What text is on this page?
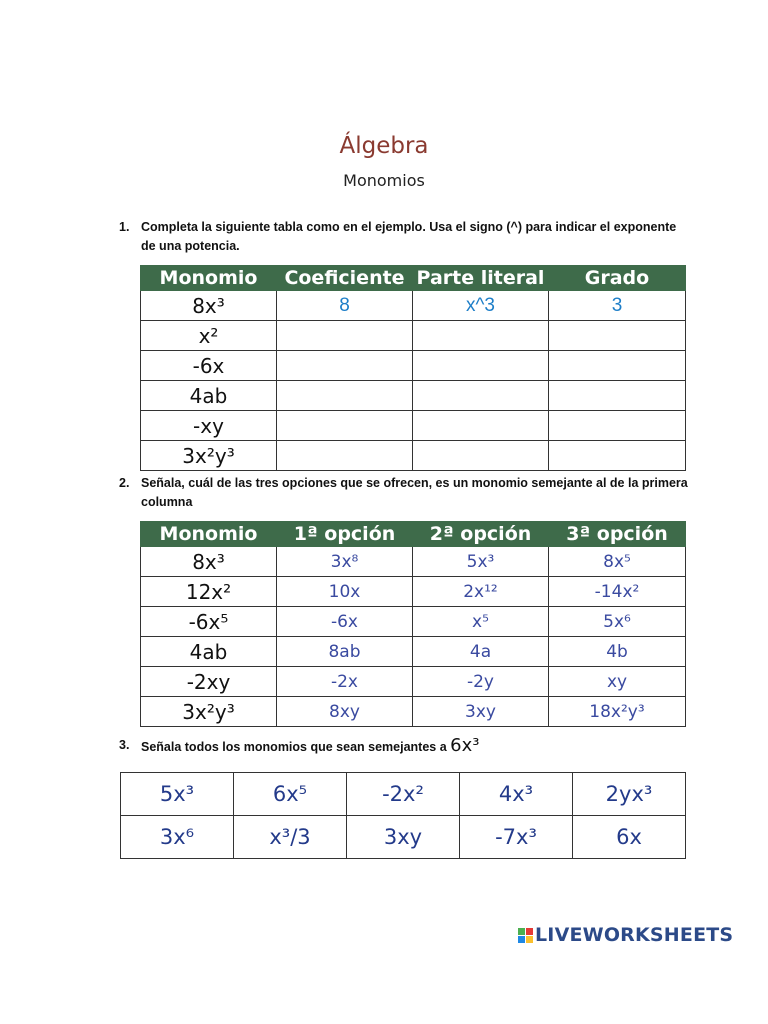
Álgebra
Monomios
1. Completa la siguiente tabla como en el ejemplo. Usa el signo (^) para indicar el exponente de una potencia.
Monomio	Coeficiente	Parte literal	Grado
8x³	8	x^3	3
x²			
-6x			
4ab			
-xy			
3x²y³			
2. Señala, cuál de las tres opciones que se ofrecen, es un monomio semejante al de la primera columna
Monomio	1ª opción	2ª opción	3ª opción
8x³	3x⁸	5x³	8x⁵
12x²	10x	2x¹²	-14x²
-6x⁵	-6x	x⁵	5x⁶
4ab	8ab	4a	4b
-2xy	-2x	-2y	xy
3x²y³	8xy	3xy	18x²y³
3. Señala todos los monomios que sean semejantes a 6x³
5x³	6x⁵	-2x²	4x³	2yx³
3x⁶	x³/3	3xy	-7x³	6x
LIVEWORKSHEETS
